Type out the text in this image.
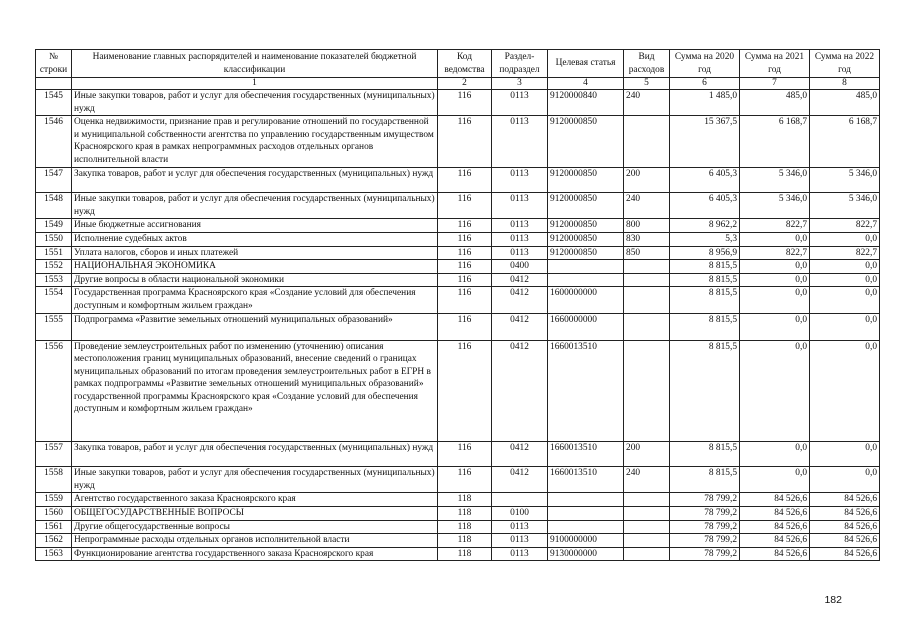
№ строки	Наименование главных распорядителей и наименование показателей бюджетной классификации	Код ведомства	Раздел-подраздел	Целевая статья	Вид расходов	Сумма на 2020 год	Сумма на 2021 год	Сумма на 2022 год
	1	2	3	4	5	6	7	8
1545	Иные закупки товаров, работ и услуг для обеспечения государственных (муниципальных) нужд	116	0113	9120000840	240	1 485,0	485,0	485,0
1546	Оценка недвижимости, признание прав и регулирование отношений по государственной и муниципальной собственности агентства по управлению государственным имуществом Красноярского края в рамках непрограммных расходов отдельных органов исполнительной власти	116	0113	9120000850		15 367,5	6 168,7	6 168,7
1547	Закупка товаров, работ и услуг для обеспечения государственных (муниципальных) нужд	116	0113	9120000850	200	6 405,3	5 346,0	5 346,0
1548	Иные закупки товаров, работ и услуг для обеспечения государственных (муниципальных) нужд	116	0113	9120000850	240	6 405,3	5 346,0	5 346,0
1549	Иные бюджетные ассигнования	116	0113	9120000850	800	8 962,2	822,7	822,7
1550	Исполнение судебных актов	116	0113	9120000850	830	5,3	0,0	0,0
1551	Уплата налогов, сборов и иных платежей	116	0113	9120000850	850	8 956,9	822,7	822,7
1552	НАЦИОНАЛЬНАЯ ЭКОНОМИКА	116	0400			8 815,5	0,0	0,0
1553	Другие вопросы в области национальной экономики	116	0412			8 815,5	0,0	0,0
1554	Государственная программа Красноярского края «Создание условий для обеспечения доступным и комфортным жильем граждан»	116	0412	1600000000		8 815,5	0,0	0,0
1555	Подпрограмма «Развитие земельных отношений муниципальных образований»	116	0412	1660000000		8 815,5	0,0	0,0
1556	Проведение землеустроительных работ по изменению (уточнению) описания местоположения границ муниципальных образований, внесение сведений о границах муниципальных образований по итогам проведения землеустроительных работ в ЕГРН в рамках подпрограммы «Развитие земельных отношений муниципальных образований» государственной программы Красноярского края «Создание условий для обеспечения доступным и комфортным жильем граждан»	116	0412	1660013510		8 815,5	0,0	0,0
1557	Закупка товаров, работ и услуг для обеспечения государственных (муниципальных) нужд	116	0412	1660013510	200	8 815,5	0,0	0,0
1558	Иные закупки товаров, работ и услуг для обеспечения государственных (муниципальных) нужд	116	0412	1660013510	240	8 815,5	0,0	0,0
1559	Агентство государственного заказа Красноярского края	118				78 799,2	84 526,6	84 526,6
1560	ОБЩЕГОСУДАРСТВЕННЫЕ ВОПРОСЫ	118	0100			78 799,2	84 526,6	84 526,6
1561	Другие общегосударственные вопросы	118	0113			78 799,2	84 526,6	84 526,6
1562	Непрограммные расходы отдельных органов исполнительной власти	118	0113	9100000000		78 799,2	84 526,6	84 526,6
1563	Функционирование агентства государственного заказа Красноярского края	118	0113	9130000000		78 799,2	84 526,6	84 526,6
182
